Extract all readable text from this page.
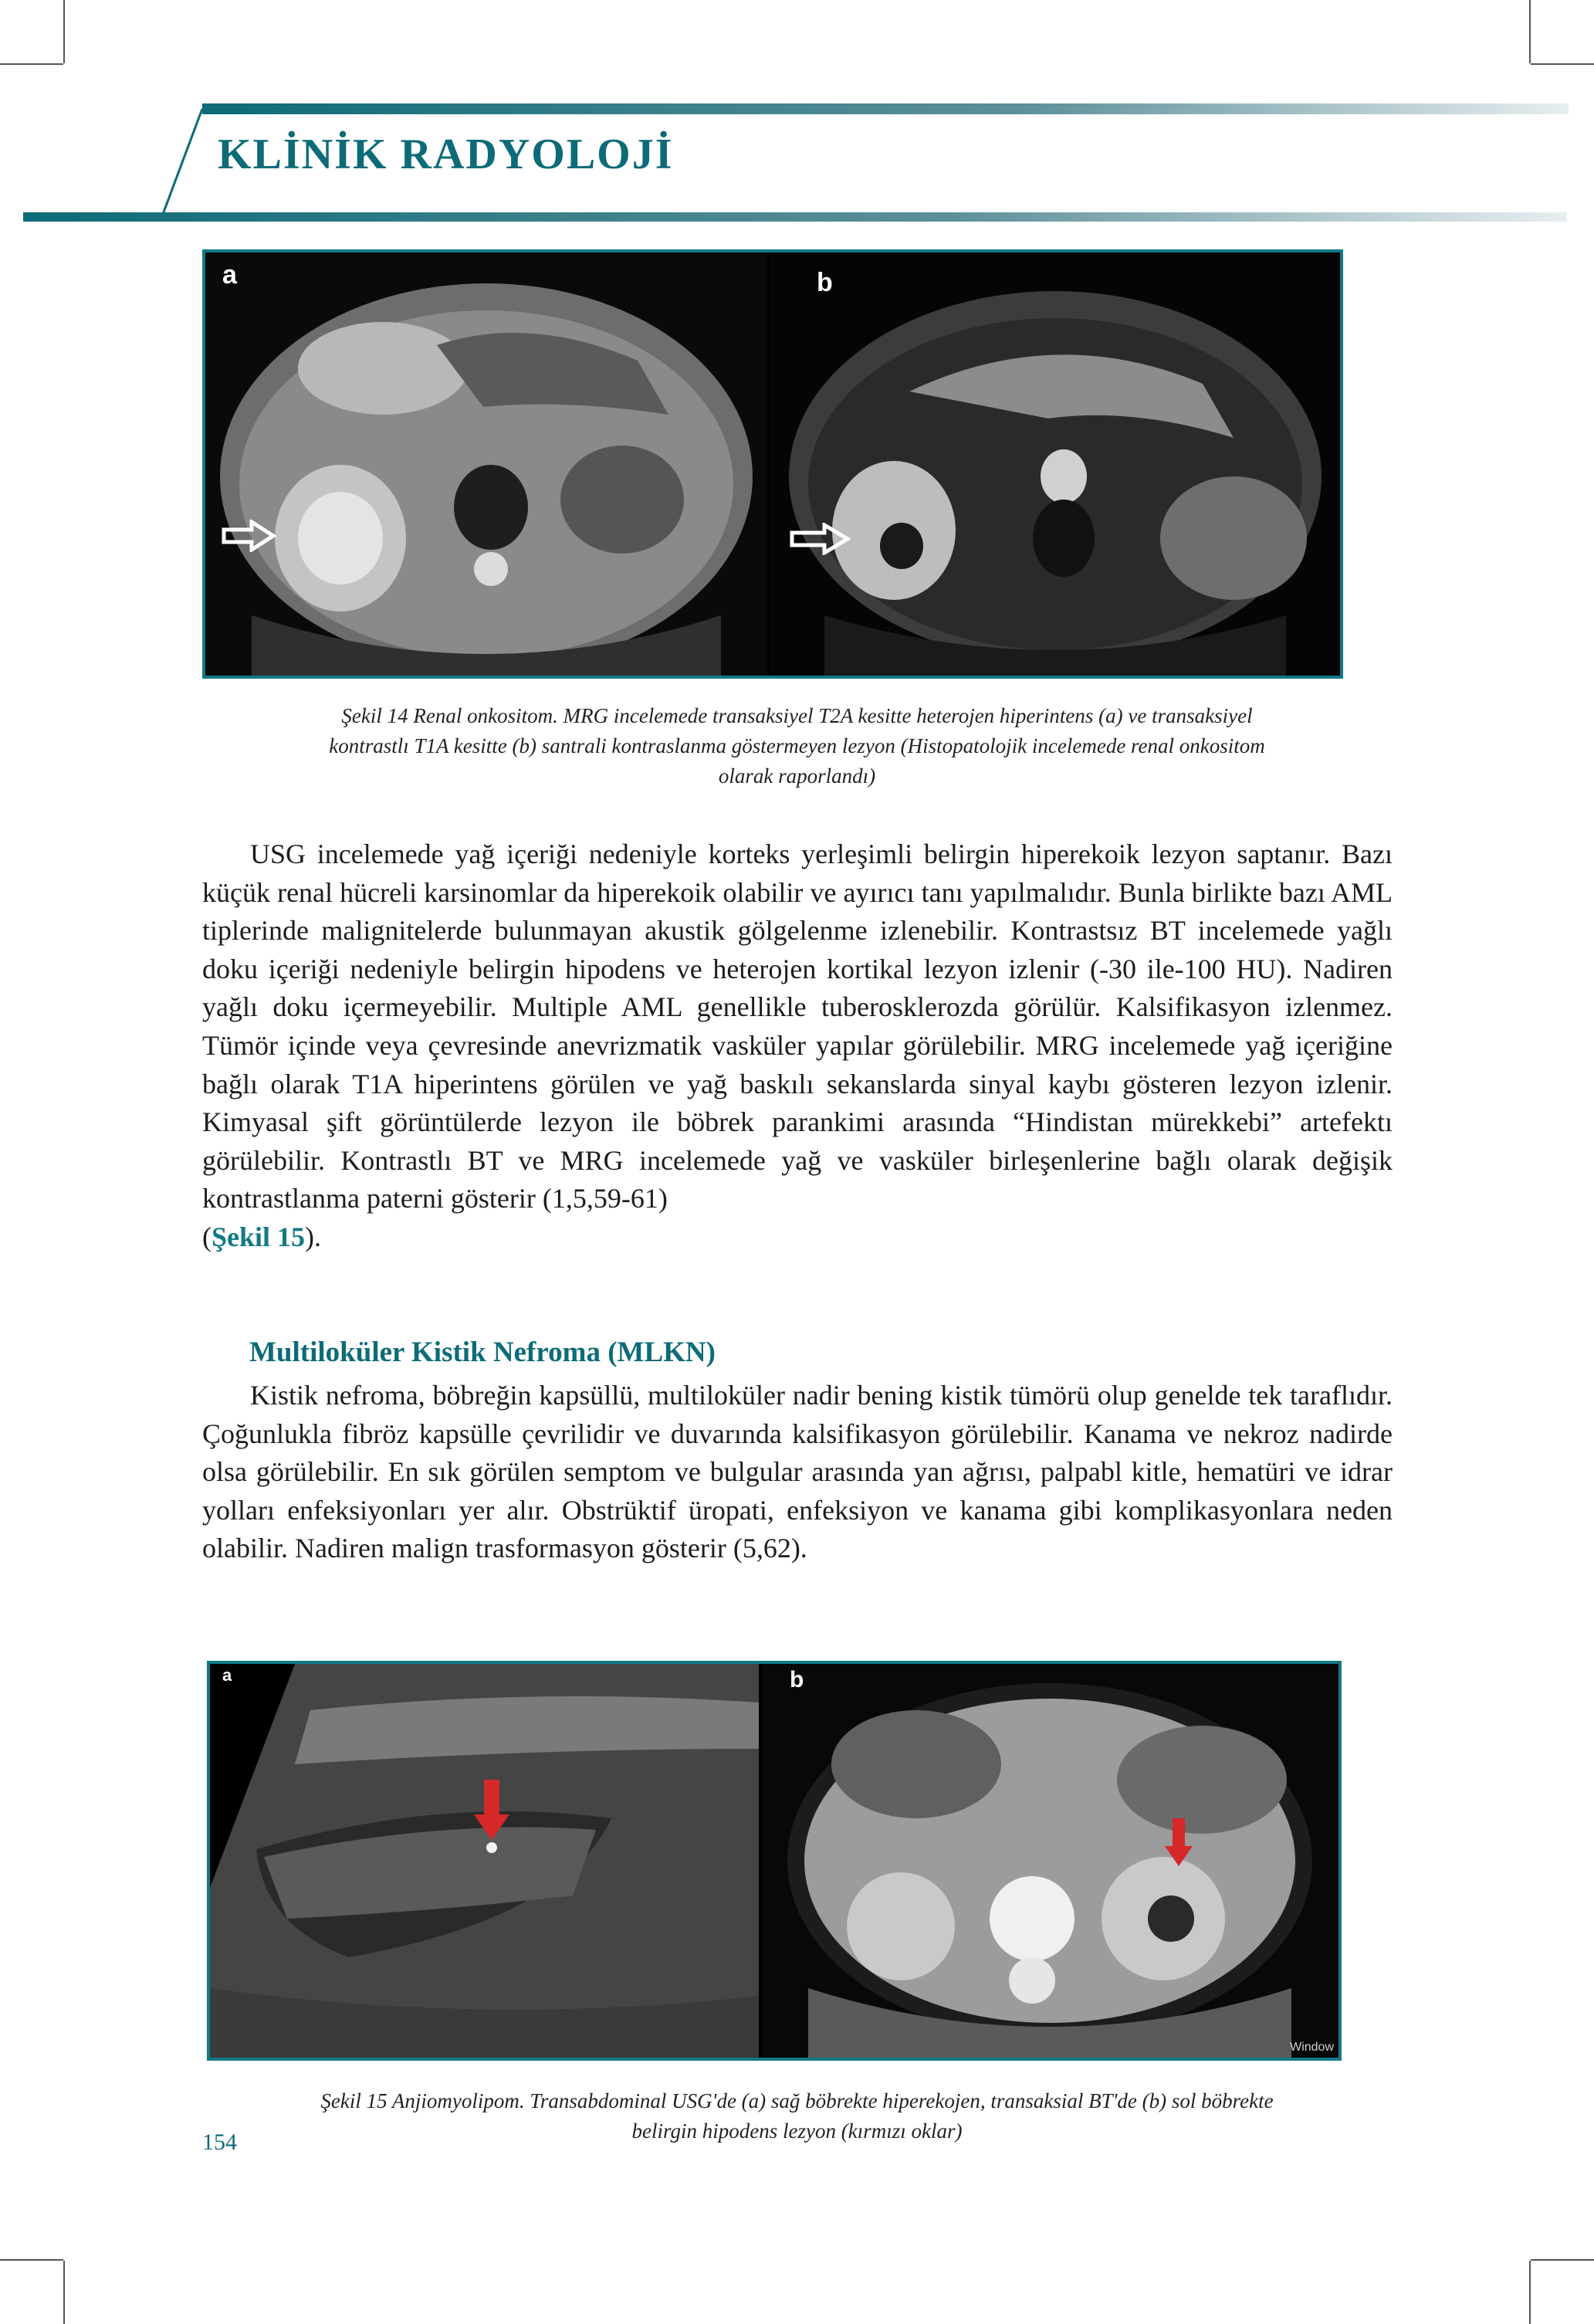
KLİNİK RADYOLOJİ
a	b
Şekil 14 Renal onkositom. MRG incelemede transaksiyel T2A kesitte heterojen hiperintens (a) ve transaksiyel
kontrastlı T1A kesitte (b) santrali kontraslanma göstermeyen lezyon (Histopatolojik incelemede renal onkositom
olarak raporlandı)

USG incelemede yağ içeriği nedeniyle korteks yerleşimli belirgin hiperekoik lezyon saptanır. Bazı küçük renal hücreli karsinomlar da hiperekoik olabilir ve ayırıcı tanı yapılmalıdır. Bunla birlikte bazı AML tiplerinde malignitelerde bulunmayan akustik gölgelenme izlenebilir. Kontrastsız BT incelemede yağlı doku içeriği nedeniyle belirgin hipodens ve heterojen kortikal lezyon izlenir (-30 ile-100 HU). Nadiren yağlı doku içermeyebilir. Multiple AML genellikle tuberosklerozda görülür. Kalsifikasyon izlenmez. Tümör içinde veya çevresinde anevrizmatik vasküler yapılar görülebilir. MRG incelemede yağ içeriğine bağlı olarak T1A hiperintens görülen ve yağ baskılı sekanslarda sinyal kaybı gösteren lezyon izlenir. Kimyasal şift görüntülerde lezyon ile böbrek parankimi arasında “Hindistan mürekkebi” artefektı görülebilir. Kontrastlı BT ve MRG incelemede yağ ve vasküler birleşenlerine bağlı olarak değişik kontrastlanma paterni gösterir (1,5,59-61)
(Şekil 15).

Multiloküler Kistik Nefroma (MLKN)

Kistik nefroma, böbreğin kapsüllü, multiloküler nadir bening kistik tümörü olup genelde tek taraflıdır. Çoğunlukla fibröz kapsülle çevrilidir ve duvarında kalsifikasyon görülebilir. Kanama ve nekroz nadirde olsa görülebilir. En sık görülen semptom ve bulgular arasında yan ağrısı, palpabl kitle, hematüri ve idrar yolları enfeksiyonları yer alır. Obstrüktif üropati, enfeksiyon ve kanama gibi komplikasyonlara neden olabilir. Nadiren malign trasformasyon gösterir (5,62).

a	b
Window
Şekil 15 Anjiomyolipom. Transabdominal USG'de (a) sağ böbrekte hiperekojen, transaksial BT'de (b) sol böbrekte
belirgin hipodens lezyon (kırmızı oklar)
154
